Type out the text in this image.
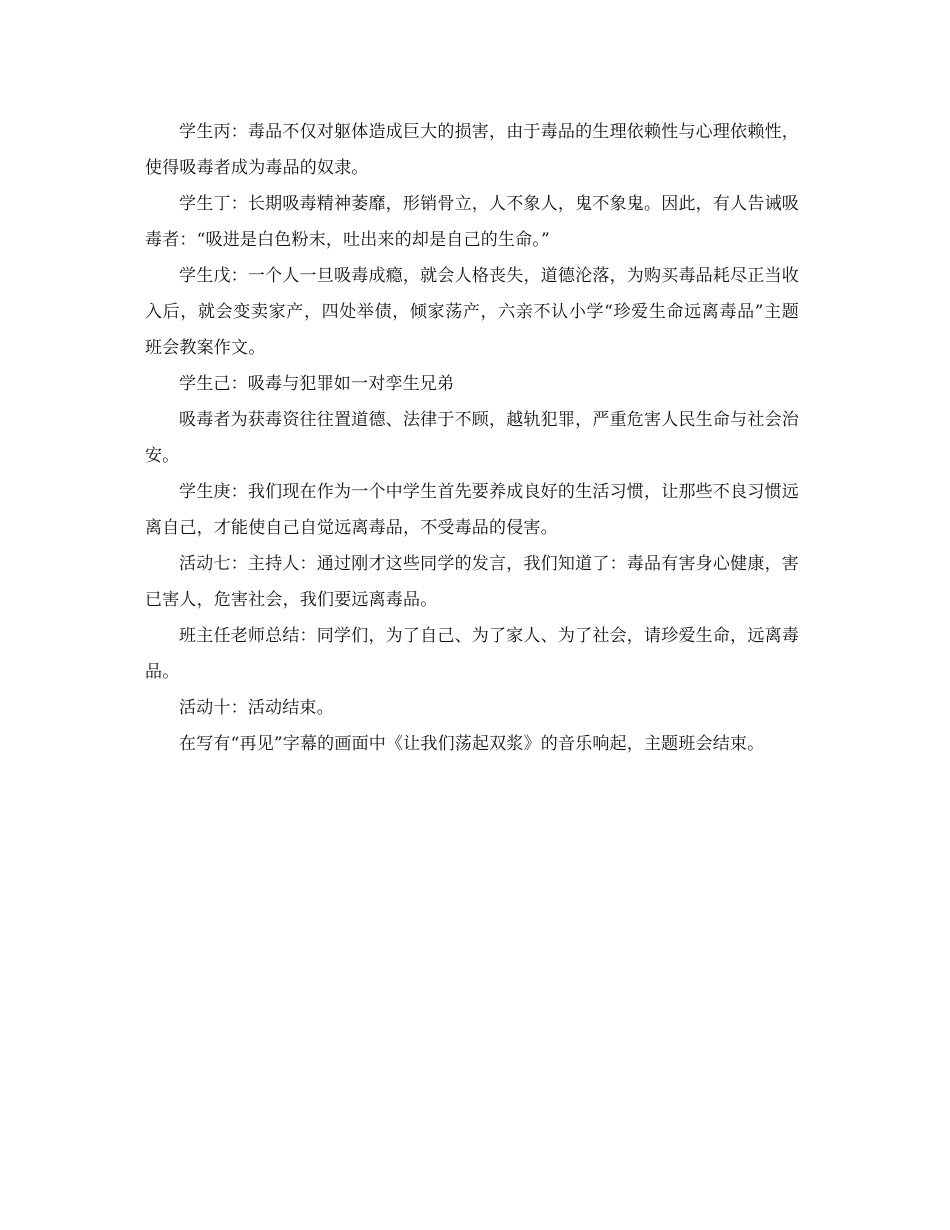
学生丙：毒品不仅对躯体造成巨大的损害，由于毒品的生理依赖性与心理依赖性，使得吸毒者成为毒品的奴隶。

学生丁：长期吸毒精神萎靡，形销骨立，人不象人，鬼不象鬼。因此，有人告诫吸毒者：“吸进是白色粉末，吐出来的却是自己的生命。”

学生戊：一个人一旦吸毒成瘾，就会人格丧失，道德沦落，为购买毒品耗尽正当收入后，就会变卖家产，四处举债，倾家荡产，六亲不认小学“珍爱生命远离毒品”主题班会教案作文。

学生己：吸毒与犯罪如一对孪生兄弟

吸毒者为获毒资往往置道德、法律于不顾，越轨犯罪，严重危害人民生命与社会治安。

学生庚：我们现在作为一个中学生首先要养成良好的生活习惯，让那些不良习惯远离自己，才能使自己自觉远离毒品，不受毒品的侵害。

活动七：主持人：通过刚才这些同学的发言，我们知道了：毒品有害身心健康，害已害人，危害社会，我们要远离毒品。

班主任老师总结：同学们，为了自己、为了家人、为了社会，请珍爱生命，远离毒品。

活动十：活动结束。

在写有“再见”字幕的画面中《让我们荡起双浆》的音乐响起，主题班会结束。
